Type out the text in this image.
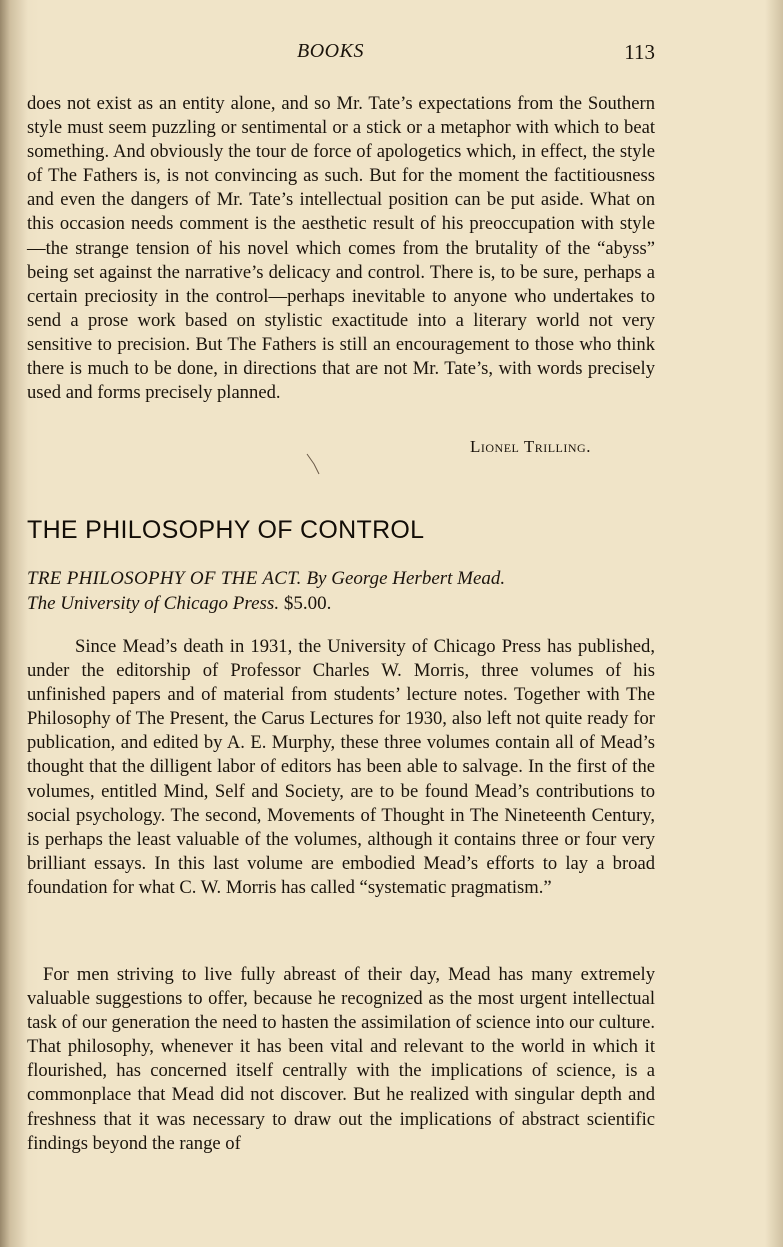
BOOKS	113

does not exist as an entity alone, and so Mr. Tate’s expectations from the Southern style must seem puzzling or sentimental or a stick or a metaphor with which to beat something. And obviously the tour de force of apologetics which, in effect, the style of The Fathers is, is not convincing as such. But for the moment the factitiousness and even the dangers of Mr. Tate’s intellectual position can be put aside. What on this occasion needs comment is the aesthetic result of his preoccupation with style—the strange tension of his novel which comes from the brutality of the “abyss” being set against the narrative’s delicacy and control. There is, to be sure, perhaps a certain preciosity in the control—perhaps inevitable to anyone who undertakes to send a prose work based on stylistic exactitude into a literary world not very sensitive to precision. But The Fathers is still an encouragement to those who think there is much to be done, in directions that are not Mr. Tate’s, with words precisely used and forms precisely planned.

Lionel Trilling.
THE PHILOSOPHY OF CONTROL
TRE PHILOSOPHY OF THE ACT. By George Herbert Mead.
The University of Chicago Press. $5.00.

Since Mead’s death in 1931, the University of Chicago Press has published, under the editorship of Professor Charles W. Morris, three volumes of his unfinished papers and of material from students’ lecture notes. Together with The Philosophy of The Present, the Carus Lectures for 1930, also left not quite ready for publication, and edited by A. E. Murphy, these three volumes contain all of Mead’s thought that the dilligent labor of editors has been able to salvage. In the first of the volumes, entitled Mind, Self and Society, are to be found Mead’s contributions to social psychology. The second, Movements of Thought in The Nineteenth Century, is perhaps the least valuable of the volumes, although it contains three or four very brilliant essays. In this last volume are embodied Mead’s efforts to lay a broad foundation for what C. W. Morris has called “systematic pragmatism.”

For men striving to live fully abreast of their day, Mead has many extremely valuable suggestions to offer, because he recognized as the most urgent intellectual task of our generation the need to hasten the assimilation of science into our culture. That philosophy, whenever it has been vital and relevant to the world in which it flourished, has concerned itself centrally with the implications of science, is a commonplace that Mead did not discover. But he realized with singular depth and freshness that it was necessary to draw out the implications of abstract scientific findings beyond the range of
